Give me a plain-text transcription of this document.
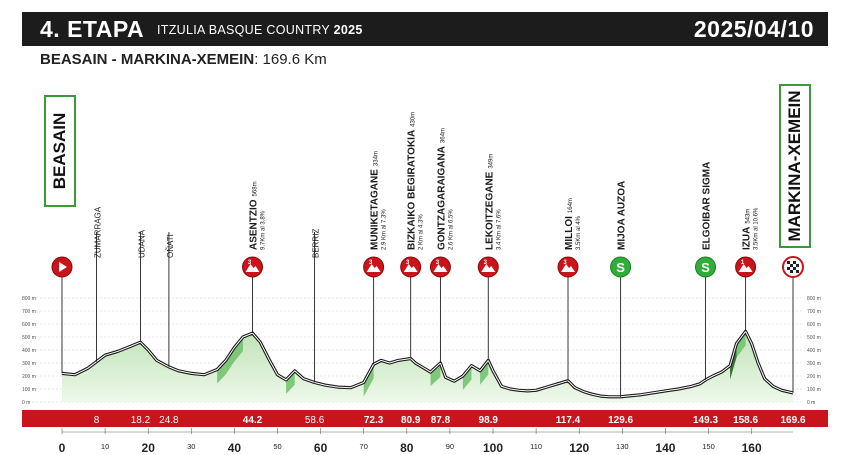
4. ETAPA ITZULIA BASQUE COUNTRY 2025	2025/04/10
BEASAIN - MARKINA-XEMEIN: 169.6 Km
BEASAIN	MARKINA-XEMEIN
0 m	0 m
100 m	100 m
200 m	200 m
300 m	300 m
400 m	400 m
500 m	500 m
600 m	600 m
700 m	700 m
800 m	800 m
ZUMARRAGA	UDANA OÑATI
3
ASENTZIO568m
9.7Km al 3.8%	BERRIZ
3
MUNIKETAGANE334m
2.9 Km al 7.3%
3
BIZKAIKO BEGIRATOKIA430m
2 Km al 4.3%
3
GONTZAGARAIGANA364m
2.6 Km al 6.5%
3
LEKOITZEGANE349m
3.4 Km al 7.6%
3
MILLOI164m
3.5Km al 4%
S
MIJOA AUZOA
S
ELGOIBAR SIGMA
1
IZUA543m 3.5Km al 10.6%
8	18.2 24.8	44.2	58.6	72.3 80.9 87.8	98.9	117.4	129.6	149.3 158.6 169.6
0	10	20	30	40	50	60	70	80	90 100	110 120	130 140	150 160
